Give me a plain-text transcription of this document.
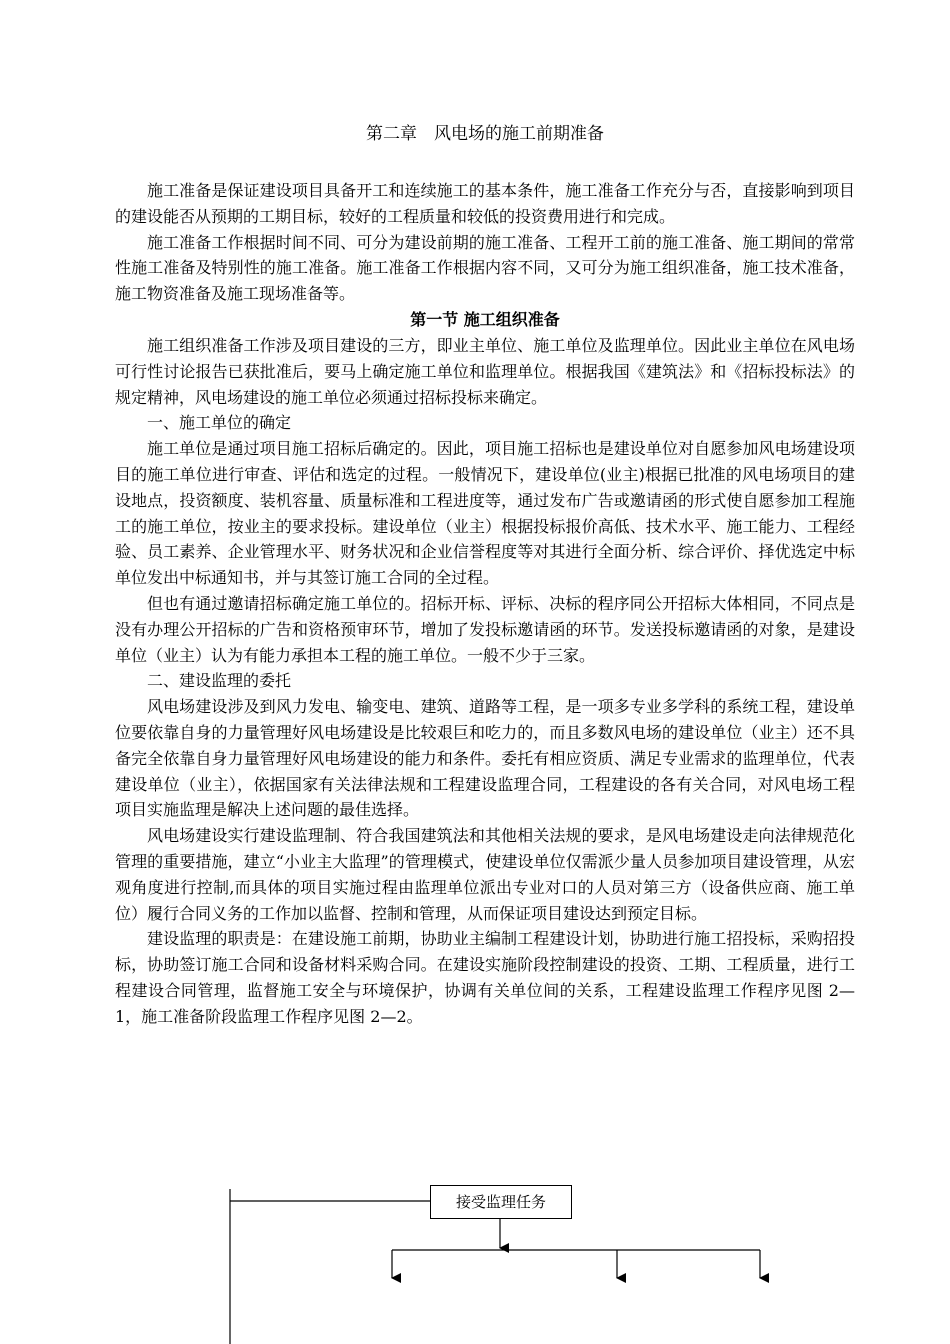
第二章　风电场的施工前期准备

施工准备是保证建设项目具备开工和连续施工的基本条件，施工准备工作充分与否，直接影响到项目的建设能否从预期的工期目标，较好的工程质量和较低的投资费用进行和完成。

施工准备工作根据时间不同、可分为建设前期的施工准备、工程开工前的施工准备、施工期间的常常性施工准备及特别性的施工准备。施工准备工作根据内容不同，又可分为施工组织准备，施工技术准备，施工物资准备及施工现场准备等。

第一节 施工组织准备

施工组织准备工作涉及项目建设的三方，即业主单位、施工单位及监理单位。因此业主单位在风电场可行性讨论报告已获批准后，要马上确定施工单位和监理单位。根据我国《建筑法》和《招标投标法》的规定精神，风电场建设的施工单位必须通过招标投标来确定。

一、施工单位的确定

施工单位是通过项目施工招标后确定的。因此，项目施工招标也是建设单位对自愿参加风电场建设项目的施工单位进行审查、评估和选定的过程。一般情况下，建设单位(业主)根据已批准的风电场项目的建设地点，投资额度、装机容量、质量标准和工程进度等，通过发布广告或邀请函的形式使自愿参加工程施工的施工单位，按业主的要求投标。建设单位（业主）根据投标报价高低、技术水平、施工能力、工程经验、员工素养、企业管理水平、财务状况和企业信誉程度等对其进行全面分析、综合评价、择优选定中标单位发出中标通知书，并与其签订施工合同的全过程。

但也有通过邀请招标确定施工单位的。招标开标、评标、决标的程序同公开招标大体相同，不同点是没有办理公开招标的广告和资格预审环节，增加了发投标邀请函的环节。发送投标邀请函的对象，是建设单位（业主）认为有能力承担本工程的施工单位。一般不少于三家。

二、建设监理的委托

风电场建设涉及到风力发电、输变电、建筑、道路等工程，是一项多专业多学科的系统工程，建设单位要依靠自身的力量管理好风电场建设是比较艰巨和吃力的，而且多数风电场的建设单位（业主）还不具备完全依靠自身力量管理好风电场建设的能力和条件。委托有相应资质、满足专业需求的监理单位，代表建设单位（业主），依据国家有关法律法规和工程建设监理合同，工程建设的各有关合同，对风电场工程项目实施监理是解决上述问题的最佳选择。

风电场建设实行建设监理制、符合我国建筑法和其他相关法规的要求，是风电场建设走向法律规范化管理的重要措施，建立“小业主大监理”的管理模式，使建设单位仅需派少量人员参加项目建设管理，从宏观角度进行控制,而具体的项目实施过程由监理单位派出专业对口的人员对第三方（设备供应商、施工单位）履行合同义务的工作加以监督、控制和管理，从而保证项目建设达到预定目标。

建设监理的职责是：在建设施工前期，协助业主编制工程建设计划，协助进行施工招投标，采购招投标，协助签订施工合同和设备材料采购合同。在建设实施阶段控制建设的投资、工期、工程质量，进行工程建设合同管理，监督施工安全与环境保护，协调有关单位间的关系，工程建设监理工作程序见图 2—1，施工准备阶段监理工作程序见图 2—2。

接受监理任务
